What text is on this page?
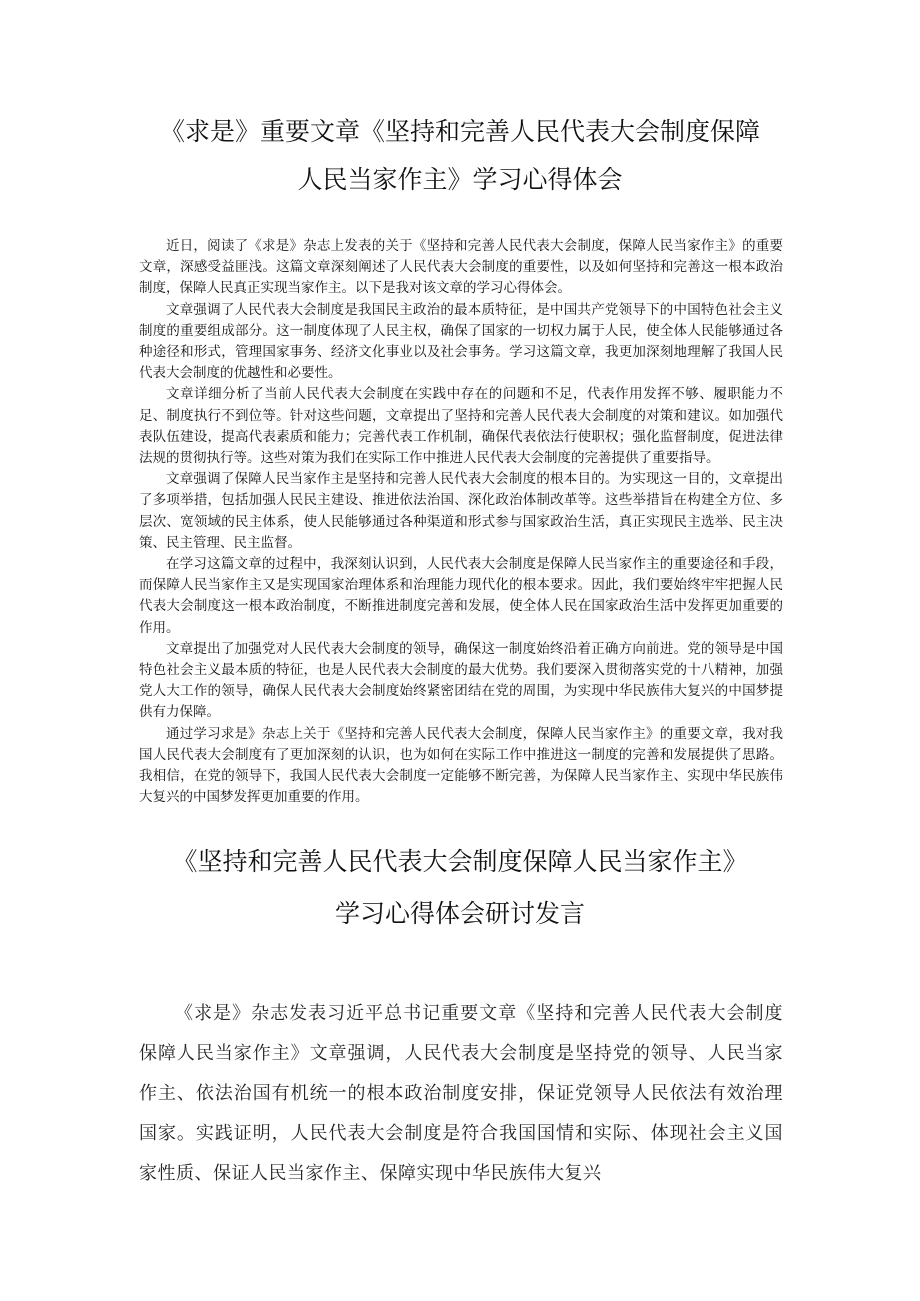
《求是》重要文章《坚持和完善人民代表大会制度保障
人民当家作主》学习心得体会

近日，阅读了《求是》杂志上发表的关于《坚持和完善人民代表大会制度，保障人民当家作主》的重要文章，深感受益匪浅。这篇文章深刻阐述了人民代表大会制度的重要性，以及如何坚持和完善这一根本政治制度，保障人民真正实现当家作主。以下是我对该文章的学习心得体会。

文章强调了人民代表大会制度是我国民主政治的最本质特征，是中国共产党领导下的中国特色社会主义制度的重要组成部分。这一制度体现了人民主权，确保了国家的一切权力属于人民，使全体人民能够通过各种途径和形式，管理国家事务、经济文化事业以及社会事务。学习这篇文章，我更加深刻地理解了我国人民代表大会制度的优越性和必要性。

文章详细分析了当前人民代表大会制度在实践中存在的问题和不足，代表作用发挥不够、履职能力不足、制度执行不到位等。针对这些问题，文章提出了坚持和完善人民代表大会制度的对策和建议。如加强代表队伍建设，提高代表素质和能力；完善代表工作机制，确保代表依法行使职权；强化监督制度，促进法律法规的贯彻执行等。这些对策为我们在实际工作中推进人民代表大会制度的完善提供了重要指导。

文章强调了保障人民当家作主是坚持和完善人民代表大会制度的根本目的。为实现这一目的，文章提出了多项举措，包括加强人民民主建设、推进依法治国、深化政治体制改革等。这些举措旨在构建全方位、多层次、宽领域的民主体系，使人民能够通过各种渠道和形式参与国家政治生活，真正实现民主选举、民主决策、民主管理、民主监督。

在学习这篇文章的过程中，我深刻认识到，人民代表大会制度是保障人民当家作主的重要途径和手段，而保障人民当家作主又是实现国家治理体系和治理能力现代化的根本要求。因此，我们要始终牢牢把握人民代表大会制度这一根本政治制度，不断推进制度完善和发展，使全体人民在国家政治生活中发挥更加重要的作用。

文章提出了加强党对人民代表大会制度的领导，确保这一制度始终沿着正确方向前进。党的领导是中国特色社会主义最本质的特征，也是人民代表大会制度的最大优势。我们要深入贯彻落实党的十八精神，加强党人大工作的领导，确保人民代表大会制度始终紧密团结在党的周围，为实现中华民族伟大复兴的中国梦提供有力保障。

通过学习求是》杂志上关于《坚持和完善人民代表大会制度，保障人民当家作主》的重要文章，我对我国人民代表大会制度有了更加深刻的认识，也为如何在实际工作中推进这一制度的完善和发展提供了思路。我相信，在党的领导下，我国人民代表大会制度一定能够不断完善，为保障人民当家作主、实现中华民族伟大复兴的中国梦发挥更加重要的作用。

《坚持和完善人民代表大会制度保障人民当家作主》
学习心得体会研讨发言

《求是》杂志发表习近平总书记重要文章《坚持和完善人民代表大会制度保障人民当家作主》文章强调，人民代表大会制度是坚持党的领导、人民当家作主、依法治国有机统一的根本政治制度安排，保证党领导人民依法有效治理国家。实践证明，人民代表大会制度是符合我国国情和实际、体现社会主义国家性质、保证人民当家作主、保障实现中华民族伟大复兴
